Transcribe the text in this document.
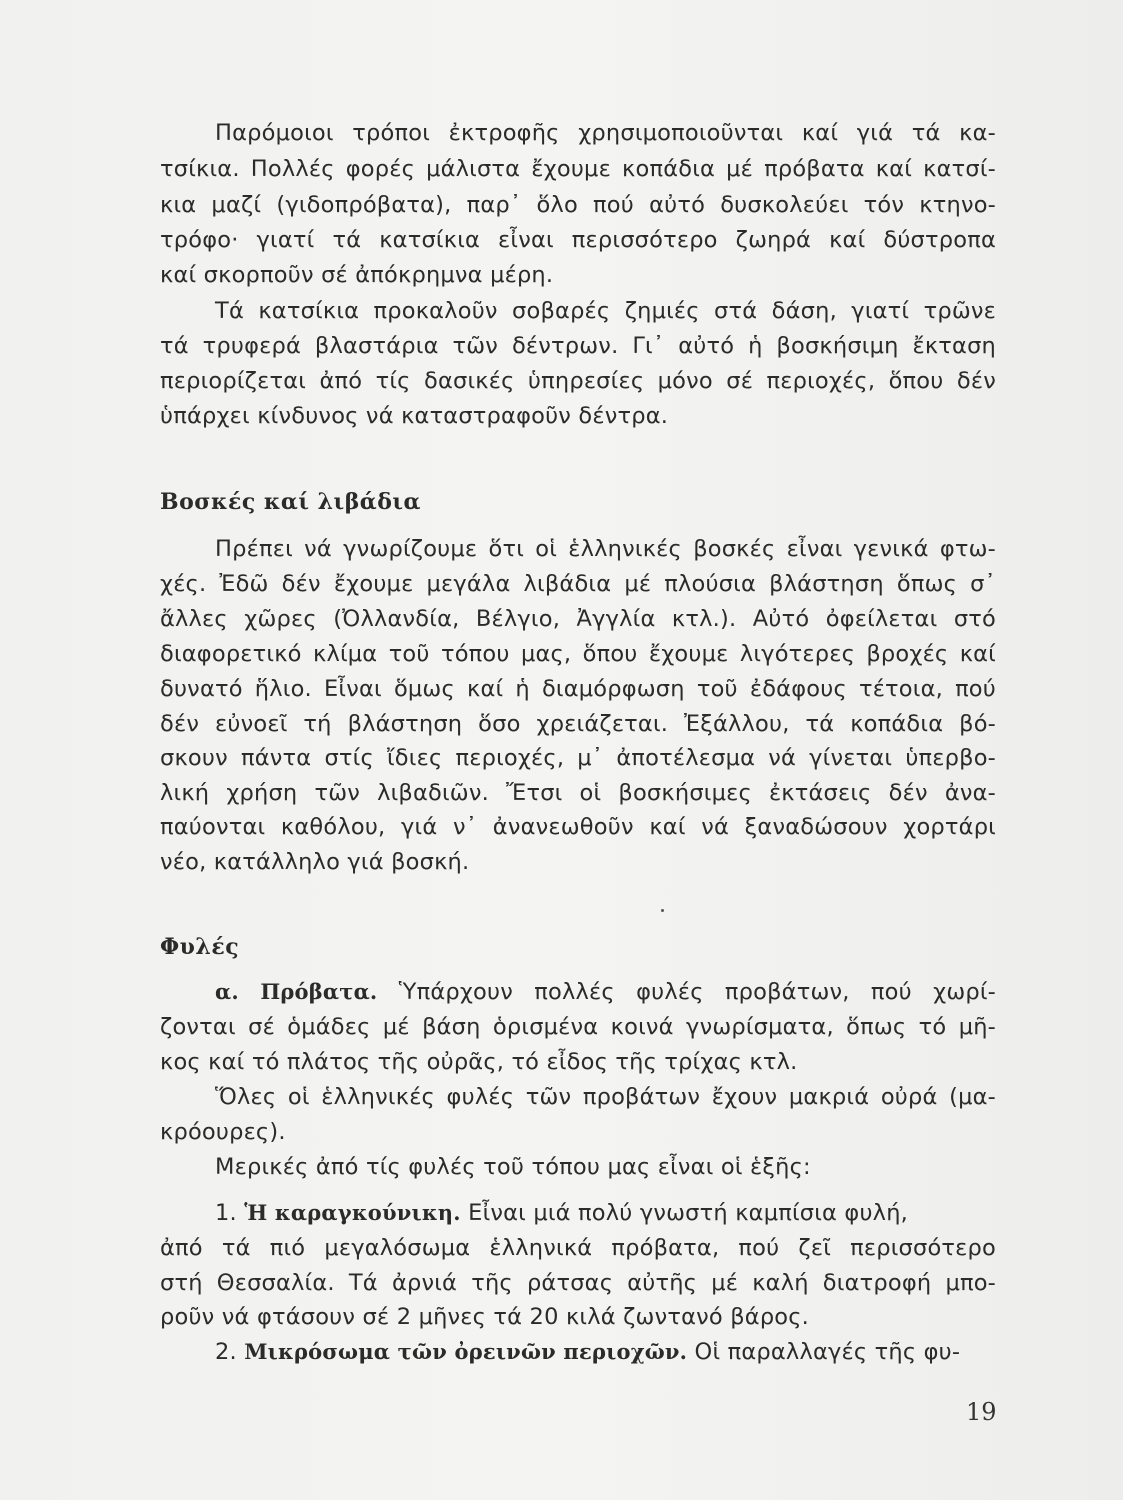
Παρόμοιοι τρόποι ἐκτροφῆς χρησιμοποιοῦνται καί γιά τά κα-
τσίκια. Πολλές φορές μάλιστα ἔχουμε κοπάδια μέ πρόβατα καί κατσί-
κια μαζί (γιδοπρόβατα), παρ᾽ ὅλο πού αὐτό δυσκολεύει τόν κτηνο-
τρόφο· γιατί τά κατσίκια εἶναι περισσότερο ζωηρά καί δύστροπα
καί σκορποῦν σέ ἀπόκρημνα μέρη.
Τά κατσίκια προκαλοῦν σοβαρές ζημιές στά δάση, γιατί τρῶνε
τά τρυφερά βλαστάρια τῶν δέντρων. Γι᾽ αὐτό ἡ βοσκήσιμη ἔκταση
περιορίζεται ἀπό τίς δασικές ὑπηρεσίες μόνο σέ περιοχές, ὅπου δέν
ὑπάρχει κίνδυνος νά καταστραφοῦν δέντρα.
Βοσκές καί λιβάδια
Πρέπει νά γνωρίζουμε ὅτι οἱ ἑλληνικές βοσκές εἶναι γενικά φτω-
χές. Ἐδῶ δέν ἔχουμε μεγάλα λιβάδια μέ πλούσια βλάστηση ὅπως σ᾽
ἄλλες χῶρες (Ὀλλανδία, Βέλγιο, Ἀγγλία κτλ.). Αὐτό ὀφείλεται στό
διαφορετικό κλίμα τοῦ τόπου μας, ὅπου ἔχουμε λιγότερες βροχές καί
δυνατό ἥλιο. Εἶναι ὅμως καί ἡ διαμόρφωση τοῦ ἐδάφους τέτοια, πού
δέν εὐνοεῖ τή βλάστηση ὅσο χρειάζεται. Ἐξάλλου, τά κοπάδια βό-
σκουν πάντα στίς ἴδιες περιοχές, μ᾽ ἀποτέλεσμα νά γίνεται ὑπερβο-
λική χρήση τῶν λιβαδιῶν. Ἔτσι οἱ βοσκήσιμες ἐκτάσεις δέν ἀνα-
παύονται καθόλου, γιά ν᾽ ἀνανεωθοῦν καί νά ξαναδώσουν χορτάρι
νέο, κατάλληλο γιά βοσκή.
Φυλές
α. Πρόβατα. Ὑπάρχουν πολλές φυλές προβάτων, πού χωρί-
ζονται σέ ὁμάδες μέ βάση ὁρισμένα κοινά γνωρίσματα, ὅπως τό μῆ-
κος καί τό πλάτος τῆς οὐρᾶς, τό εἶδος τῆς τρίχας κτλ.
Ὅλες οἱ ἑλληνικές φυλές τῶν προβάτων ἔχουν μακριά οὐρά (μα-
κρόουρες).
Μερικές ἀπό τίς φυλές τοῦ τόπου μας εἶναι οἱ ἑξῆς:
1. Ἡ καραγκούνικη. Εἶναι μιά πολύ γνωστή καμπίσια φυλή,
ἀπό τά πιό μεγαλόσωμα ἑλληνικά πρόβατα, πού ζεῖ περισσότερο
στή Θεσσαλία. Τά ἀρνιά τῆς ράτσας αὐτῆς μέ καλή διατροφή μπο-
ροῦν νά φτάσουν σέ 2 μῆνες τά 20 κιλά ζωντανό βάρος.
2. Μικρόσωμα τῶν ὀρεινῶν περιοχῶν. Οἱ παραλλαγές τῆς φυ-
19
